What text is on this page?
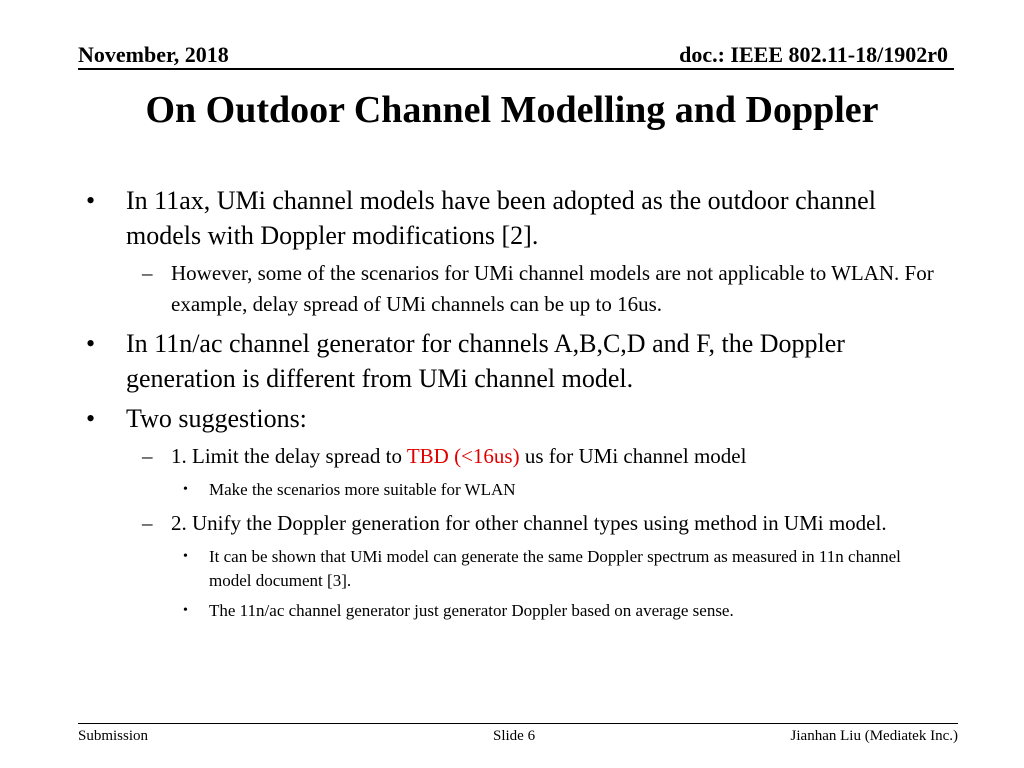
November, 2018	doc.: IEEE 802.11-18/1902r0
On Outdoor Channel Modelling and Doppler
• In 11ax, UMi channel models have been adopted as the outdoor channel models with Doppler modifications [2].
– However, some of the scenarios for UMi channel models are not applicable to WLAN. For example, delay spread of UMi channels can be up to 16us.
• In 11n/ac channel generator for channels A,B,C,D and F, the Doppler generation is different from UMi channel model.
• Two suggestions:
– 1. Limit the delay spread to TBD (<16us) us for UMi channel model
• Make the scenarios more suitable for WLAN
– 2. Unify the Doppler generation for other channel types using method in UMi model.
• It can be shown that UMi model can generate the same Doppler spectrum as measured in 11n channel model document [3].
• The 11n/ac channel generator just generator Doppler based on average sense.
Submission	Slide 6	Jianhan Liu (Mediatek Inc.)
